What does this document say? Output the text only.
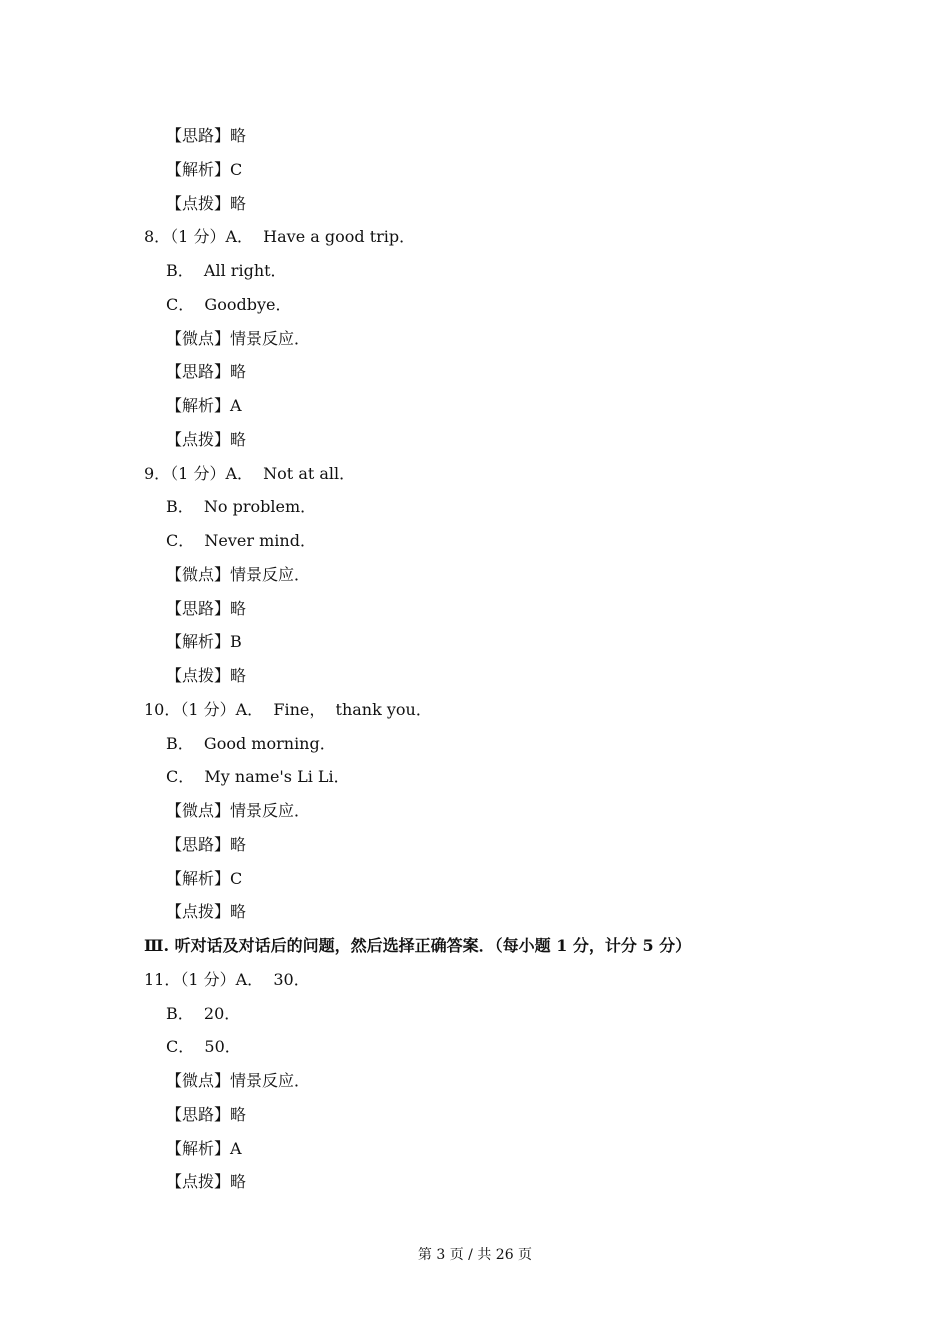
【思路】略
【解析】C
【点拨】略
8．（1 分）A．  Have a good trip．
B．  All right．
C．  Goodbye．
【微点】情景反应．
【思路】略
【解析】A
【点拨】略
9．（1 分）A．  Not at all．
B．  No problem．
C．  Never mind．
【微点】情景反应．
【思路】略
【解析】B
【点拨】略
10．（1 分）A．  Fine，  thank you．
B．  Good morning．
C．  My name's Li Li．
【微点】情景反应．
【思路】略
【解析】C
【点拨】略
Ⅲ. 听对话及对话后的问题，然后选择正确答案．（每小题 1 分，计分 5 分）
11．（1 分）A．  30．
B．  20．
C．  50．
【微点】情景反应．
【思路】略
【解析】A
【点拨】略
第 3 页 / 共 26 页
